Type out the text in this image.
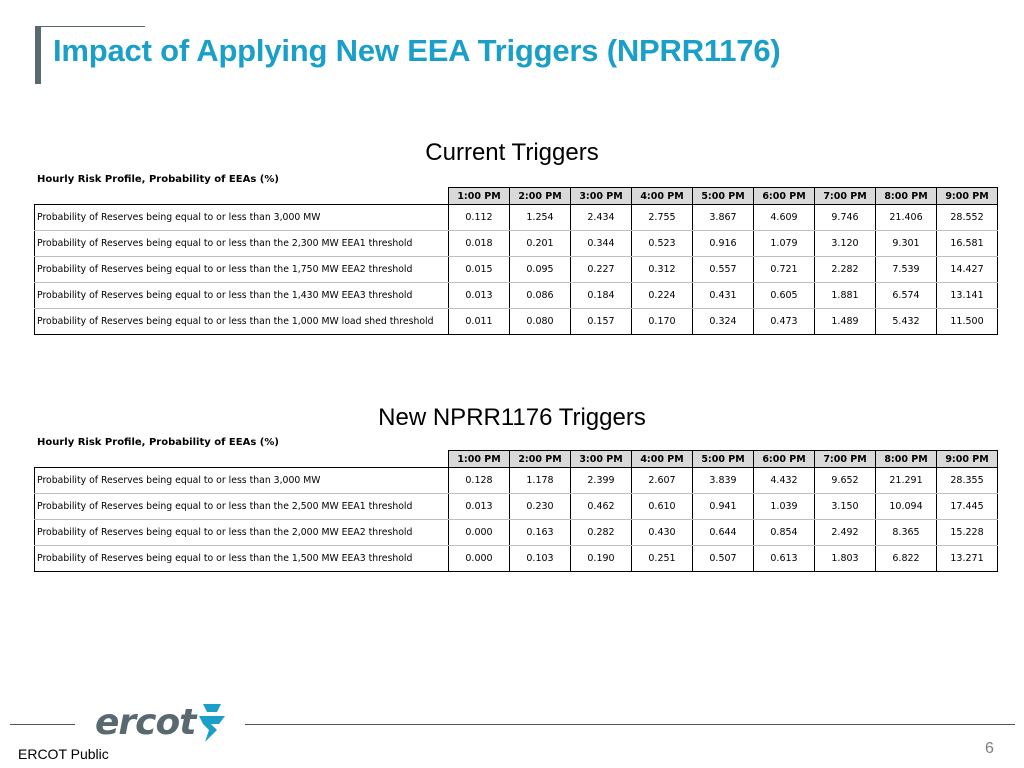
Impact of Applying New EEA Triggers (NPRR1176)
Current Triggers
Hourly Risk Profile, Probability of EEAs (%)
	1:00 PM	2:00 PM	3:00 PM	4:00 PM	5:00 PM	6:00 PM	7:00 PM	8:00 PM	9:00 PM
Probability of Reserves being equal to or less than 3,000 MW	0.112	1.254	2.434	2.755	3.867	4.609	9.746	21.406	28.552
Probability of Reserves being equal to or less than the 2,300 MW EEA1 threshold	0.018	0.201	0.344	0.523	0.916	1.079	3.120	9.301	16.581
Probability of Reserves being equal to or less than the 1,750 MW EEA2 threshold	0.015	0.095	0.227	0.312	0.557	0.721	2.282	7.539	14.427
Probability of Reserves being equal to or less than the 1,430 MW EEA3 threshold	0.013	0.086	0.184	0.224	0.431	0.605	1.881	6.574	13.141
Probability of Reserves being equal to or less than the 1,000 MW load shed threshold	0.011	0.080	0.157	0.170	0.324	0.473	1.489	5.432	11.500
New NPRR1176 Triggers
Hourly Risk Profile, Probability of EEAs (%)
	1:00 PM	2:00 PM	3:00 PM	4:00 PM	5:00 PM	6:00 PM	7:00 PM	8:00 PM	9:00 PM
Probability of Reserves being equal to or less than 3,000 MW	0.128	1.178	2.399	2.607	3.839	4.432	9.652	21.291	28.355
Probability of Reserves being equal to or less than the 2,500 MW EEA1 threshold	0.013	0.230	0.462	0.610	0.941	1.039	3.150	10.094	17.445
Probability of Reserves being equal to or less than the 2,000 MW EEA2 threshold	0.000	0.163	0.282	0.430	0.644	0.854	2.492	8.365	15.228
Probability of Reserves being equal to or less than the 1,500 MW EEA3 threshold	0.000	0.103	0.190	0.251	0.507	0.613	1.803	6.822	13.271
ercot
ERCOT Public	6
